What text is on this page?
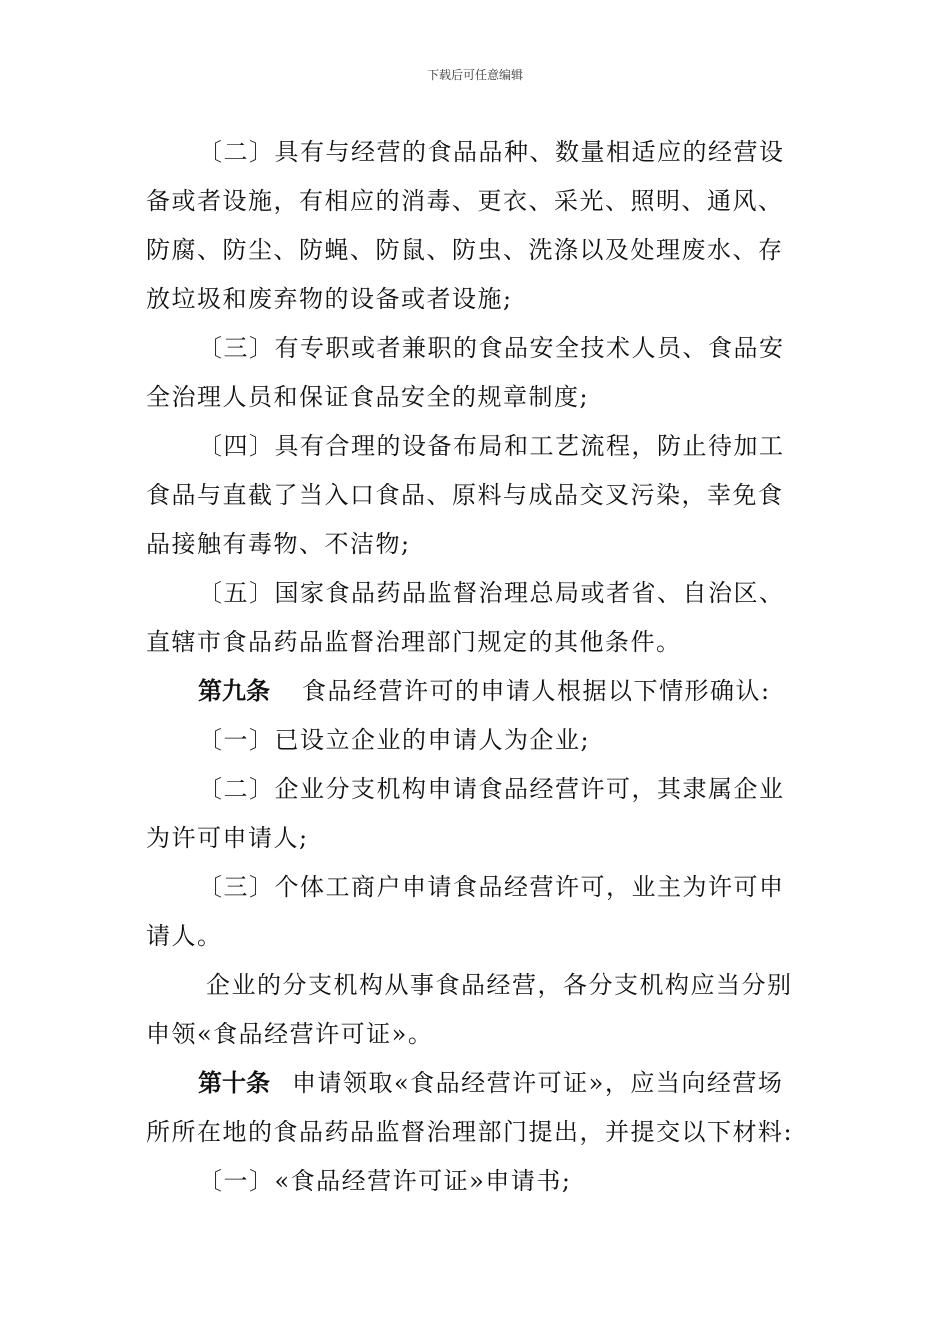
下载后可任意编辑

〔二〕具有与经营的食品品种、数量相适应的经营设备或者设施，有相应的消毒、更衣、采光、照明、通风、防腐、防尘、防蝇、防鼠、防虫、洗涤以及处理废水、存放垃圾和废弃物的设备或者设施;

〔三〕有专职或者兼职的食品安全技术人员、食品安全治理人员和保证食品安全的规章制度;

〔四〕具有合理的设备布局和工艺流程，防止待加工食品与直截了当入口食品、原料与成品交叉污染，幸免食品接触有毒物、不洁物;

〔五〕国家食品药品监督治理总局或者省、自治区、直辖市食品药品监督治理部门规定的其他条件。

第九条 食品经营许可的申请人根据以下情形确认:

〔一〕已设立企业的申请人为企业;

〔二〕企业分支机构申请食品经营许可，其隶属企业为许可申请人;

〔三〕个体工商户申请食品经营许可，业主为许可申请人。

企业的分支机构从事食品经营，各分支机构应当分别申领«食品经营许可证»。

第十条 申请领取«食品经营许可证»，应当向经营场所所在地的食品药品监督治理部门提出，并提交以下材料:

〔一〕«食品经营许可证»申请书;
